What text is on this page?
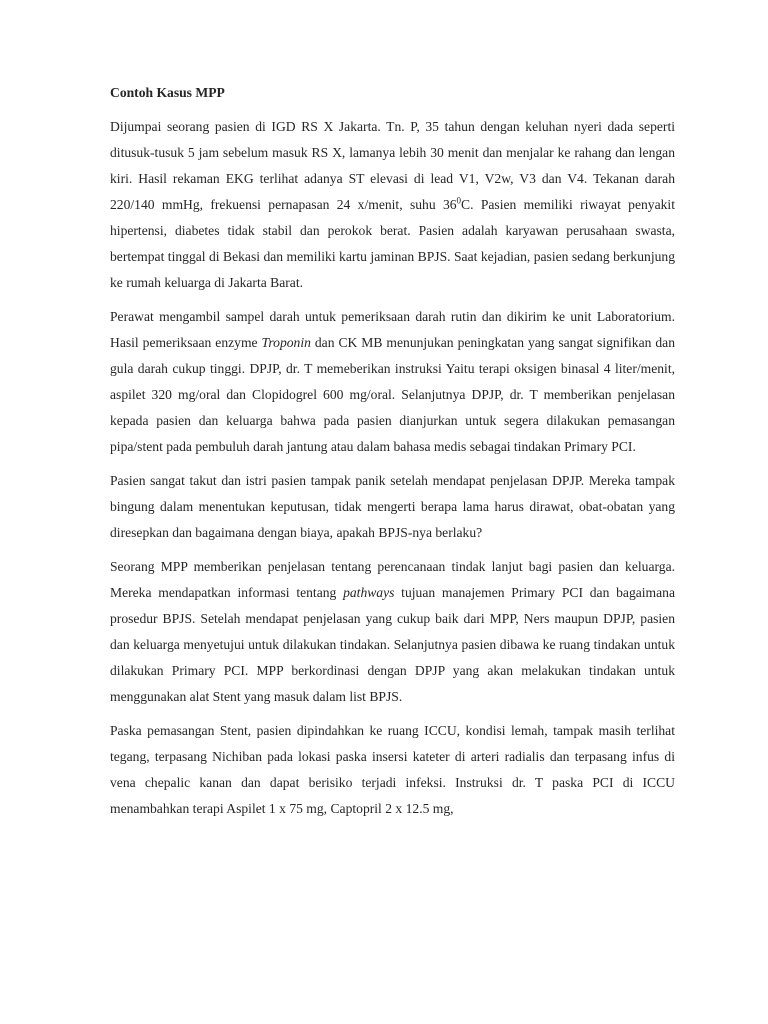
Contoh Kasus MPP

Dijumpai seorang pasien di IGD RS X Jakarta. Tn. P, 35 tahun dengan keluhan nyeri dada seperti ditusuk-tusuk 5 jam sebelum masuk RS X, lamanya lebih 30 menit dan menjalar ke rahang dan lengan kiri. Hasil rekaman EKG terlihat adanya ST elevasi di lead V1, V2w, V3 dan V4. Tekanan darah 220/140 mmHg, frekuensi pernapasan 24 x/menit, suhu $36^0C$. Pasien memiliki riwayat penyakit hipertensi, diabetes tidak stabil dan perokok berat. Pasien adalah karyawan perusahaan swasta, bertempat tinggal di Bekasi dan memiliki kartu jaminan BPJS. Saat kejadian, pasien sedang berkunjung ke rumah keluarga di Jakarta Barat.

Perawat mengambil sampel darah untuk pemeriksaan darah rutin dan dikirim ke unit Laboratorium. Hasil pemeriksaan enzyme Troponin dan CK MB menunjukan peningkatan yang sangat signifikan dan gula darah cukup tinggi. DPJP, dr. T memeberikan instruksi Yaitu terapi oksigen binasal 4 liter/menit, aspilet 320 mg/oral dan Clopidogrel 600 mg/oral. Selanjutnya DPJP, dr. T memberikan penjelasan kepada pasien dan keluarga bahwa pada pasien dianjurkan untuk segera dilakukan pemasangan pipa/stent pada pembuluh darah jantung atau dalam bahasa medis sebagai tindakan Primary PCI.

Pasien sangat takut dan istri pasien tampak panik setelah mendapat penjelasan DPJP. Mereka tampak bingung dalam menentukan keputusan, tidak mengerti berapa lama harus dirawat, obat-obatan yang diresepkan dan bagaimana dengan biaya, apakah BPJS-nya berlaku?

Seorang MPP memberikan penjelasan tentang perencanaan tindak lanjut bagi pasien dan keluarga. Mereka mendapatkan informasi tentang pathways tujuan manajemen Primary PCI dan bagaimana prosedur BPJS. Setelah mendapat penjelasan yang cukup baik dari MPP, Ners maupun DPJP, pasien dan keluarga menyetujui untuk dilakukan tindakan. Selanjutnya pasien dibawa ke ruang tindakan untuk dilakukan Primary PCI. MPP berkordinasi dengan DPJP yang akan melakukan tindakan untuk menggunakan alat Stent yang masuk dalam list BPJS.

Paska pemasangan Stent, pasien dipindahkan ke ruang ICCU, kondisi lemah, tampak masih terlihat tegang, terpasang Nichiban pada lokasi paska insersi kateter di arteri radialis dan terpasang infus di vena chepalic kanan dan dapat berisiko terjadi infeksi. Instruksi dr. T paska PCI di ICCU menambahkan terapi Aspilet 1 x 75 mg, Captopril 2 x 12.5 mg,
